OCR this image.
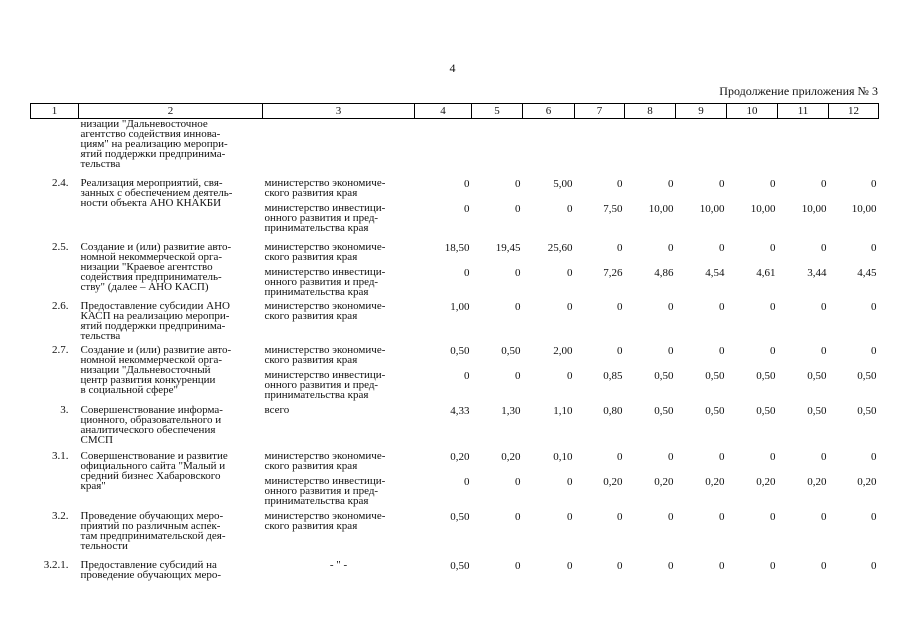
4
Продолжение приложения № 3
1	2	3	4	5	6	7	8	9	10	11	12
	низации "Дальневосточное
агентство содействия иннова-
циям" на реализацию меропри-
ятий поддержки предпринима-
тельства										
2.4.	Реализация мероприятий, свя-
занных с обеспечением деятель-
ности объекта АНО КНАКБИ	министерство экономиче-
ского развития края	0	0	5,00	0	0	0	0	0	0
		министерство инвестици-
онного развития и пред-
принимательства края	0	0	0	7,50	10,00	10,00	10,00	10,00	10,00
2.5.	Создание и (или) развитие авто-
номной некоммерческой орга-
низации "Краевое агентство
содействия предприниматель-
ству" (далее – АНО КАСП)	министерство экономиче-
ского развития края	18,50	19,45	25,60	0	0	0	0	0	0
		министерство инвестици-
онного развития и пред-
принимательства края	0	0	0	7,26	4,86	4,54	4,61	3,44	4,45
2.6.	Предоставление субсидии АНО
КАСП на реализацию меропри-
ятий поддержки предпринима-
тельства	министерство экономиче-
ского развития края	1,00	0	0	0	0	0	0	0	0
2.7.	Создание и (или) развитие авто-
номной некоммерческой орга-
низации "Дальневосточный
центр развития конкуренции
в социальной сфере"	министерство экономиче-
ского развития края	0,50	0,50	2,00	0	0	0	0	0	0
		министерство инвестици-
онного развития и пред-
принимательства края	0	0	0	0,85	0,50	0,50	0,50	0,50	0,50
3.	Совершенствование информа-
ционного, образовательного и
аналитического обеспечения
СМСП	всего	4,33	1,30	1,10	0,80	0,50	0,50	0,50	0,50	0,50
3.1.	Совершенствование и развитие
официального сайта "Малый и
средний бизнес Хабаровского
края"	министерство экономиче-
ского развития края	0,20	0,20	0,10	0	0	0	0	0	0
		министерство инвестици-
онного развития и пред-
принимательства края	0	0	0	0,20	0,20	0,20	0,20	0,20	0,20
3.2.	Проведение обучающих меро-
приятий по различным аспек-
там предпринимательской дея-
тельности	министерство экономиче-
ского развития края	0,50	0	0	0	0	0	0	0	0
3.2.1.	Предоставление субсидий на
проведение обучающих меро-	- " -	0,50	0	0	0	0	0	0	0	0
